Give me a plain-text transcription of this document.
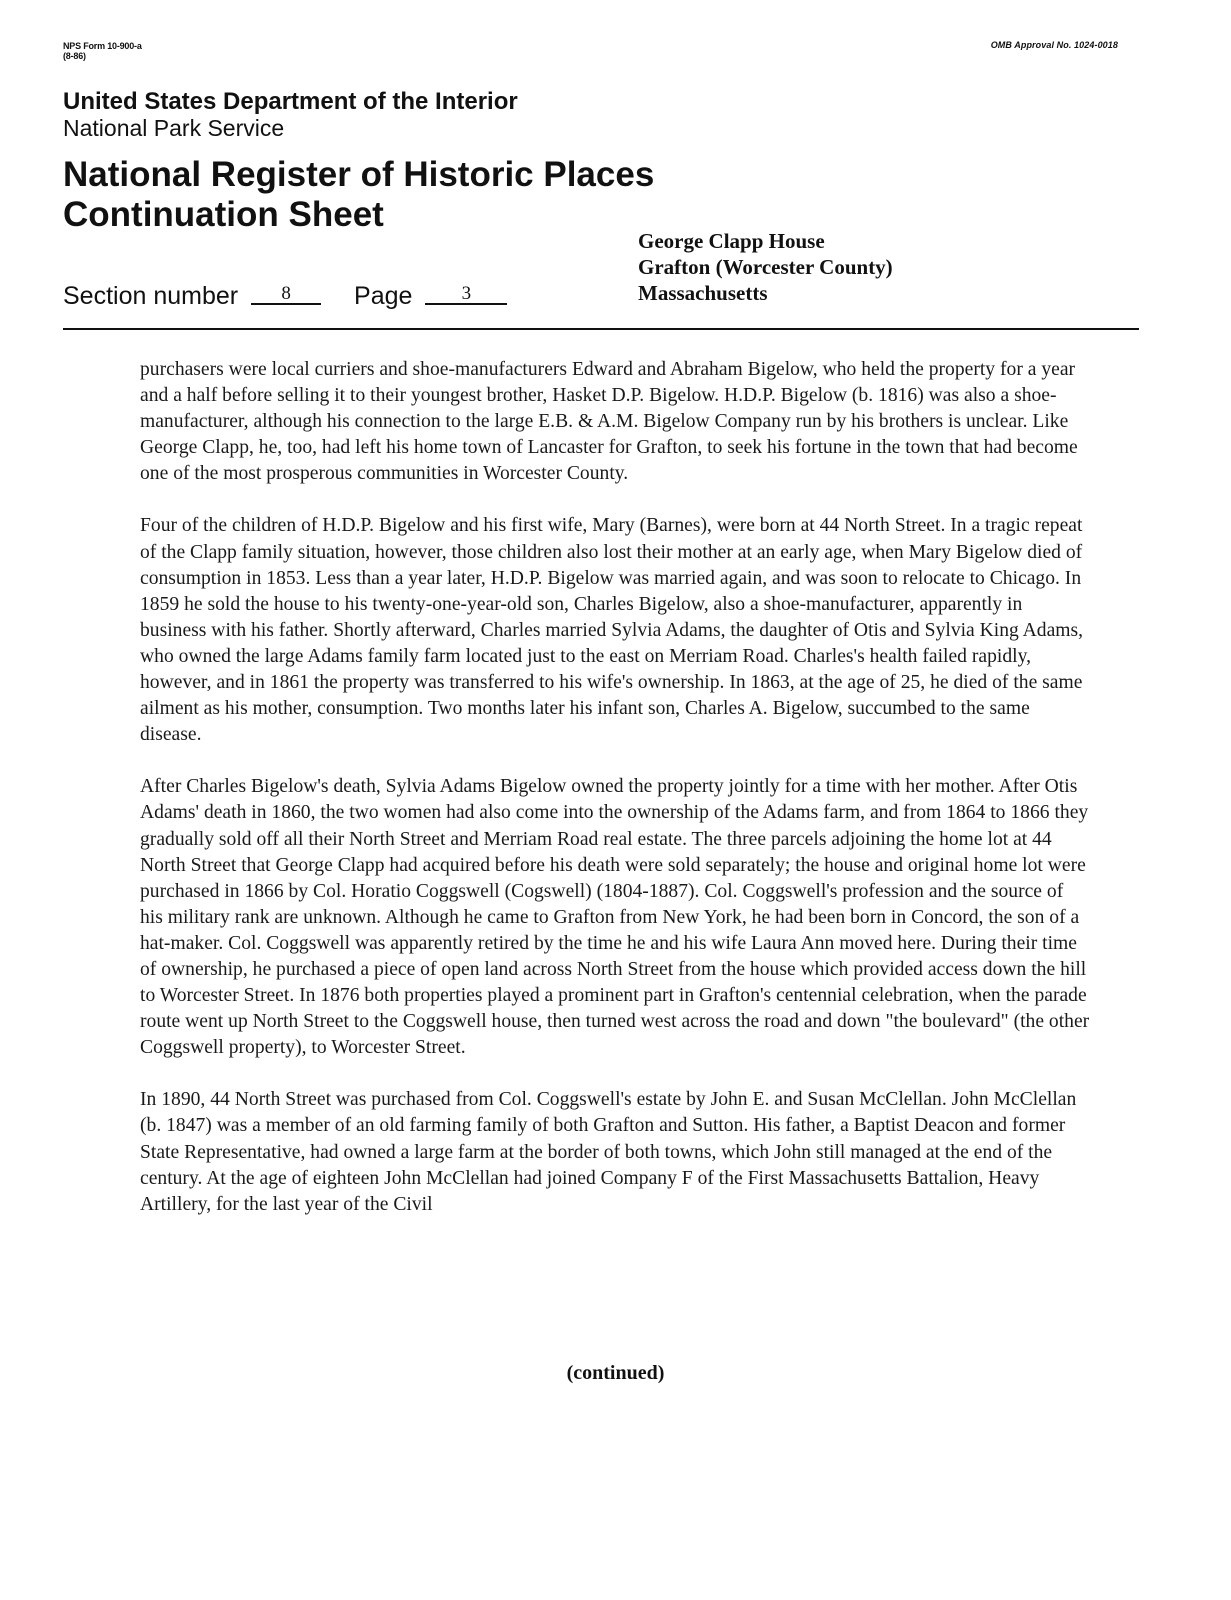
NPS Form 10-900-a
(8-86)
OMB Approval No. 1024-0018
United States Department of the Interior
National Park Service
National Register of Historic Places
Continuation Sheet
George Clapp House
Grafton (Worcester County)
Massachusetts
Section number 8	Page	3

purchasers were local curriers and shoe-manufacturers Edward and Abraham Bigelow, who held the property for a year and a half before selling it to their youngest brother, Hasket D.P. Bigelow. H.D.P. Bigelow (b. 1816) was also a shoe-manufacturer, although his connection to the large E.B. & A.M. Bigelow Company run by his brothers is unclear. Like George Clapp, he, too, had left his home town of Lancaster for Grafton, to seek his fortune in the town that had become one of the most prosperous communities in Worcester County.

Four of the children of H.D.P. Bigelow and his first wife, Mary (Barnes), were born at 44 North Street. In a tragic repeat of the Clapp family situation, however, those children also lost their mother at an early age, when Mary Bigelow died of consumption in 1853. Less than a year later, H.D.P. Bigelow was married again, and was soon to relocate to Chicago. In 1859 he sold the house to his twenty-one-year-old son, Charles Bigelow, also a shoe-manufacturer, apparently in business with his father. Shortly afterward, Charles married Sylvia Adams, the daughter of Otis and Sylvia King Adams, who owned the large Adams family farm located just to the east on Merriam Road. Charles's health failed rapidly, however, and in 1861 the property was transferred to his wife's ownership. In 1863, at the age of 25, he died of the same ailment as his mother, consumption. Two months later his infant son, Charles A. Bigelow, succumbed to the same disease.

After Charles Bigelow's death, Sylvia Adams Bigelow owned the property jointly for a time with her mother. After Otis Adams' death in 1860, the two women had also come into the ownership of the Adams farm, and from 1864 to 1866 they gradually sold off all their North Street and Merriam Road real estate. The three parcels adjoining the home lot at 44 North Street that George Clapp had acquired before his death were sold separately; the house and original home lot were purchased in 1866 by Col. Horatio Coggswell (Cogswell) (1804-1887). Col. Coggswell's profession and the source of his military rank are unknown. Although he came to Grafton from New York, he had been born in Concord, the son of a hat-maker. Col. Coggswell was apparently retired by the time he and his wife Laura Ann moved here. During their time of ownership, he purchased a piece of open land across North Street from the house which provided access down the hill to Worcester Street. In 1876 both properties played a prominent part in Grafton's centennial celebration, when the parade route went up North Street to the Coggswell house, then turned west across the road and down "the boulevard" (the other Coggswell property), to Worcester Street.

In 1890, 44 North Street was purchased from Col. Coggswell's estate by John E. and Susan McClellan. John McClellan (b. 1847) was a member of an old farming family of both Grafton and Sutton. His father, a Baptist Deacon and former State Representative, had owned a large farm at the border of both towns, which John still managed at the end of the century. At the age of eighteen John McClellan had joined Company F of the First Massachusetts Battalion, Heavy Artillery, for the last year of the Civil

(continued)
